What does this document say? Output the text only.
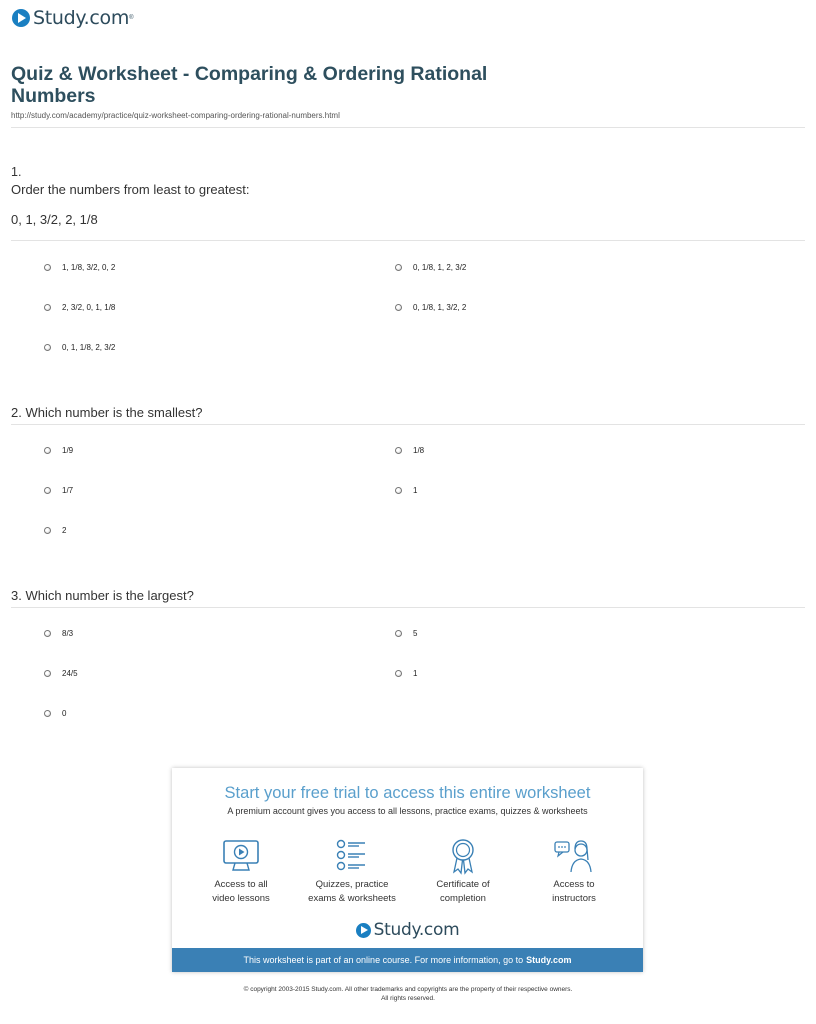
Study.com ®
Quiz & Worksheet - Comparing & Ordering Rational Numbers
http://study.com/academy/practice/quiz-worksheet-comparing-ordering-rational-numbers.html
1.
Order the numbers from least to greatest:
0, 1, 3/2, 2, 1/8
1, 1/8, 3/2, 0, 2	0, 1/8, 1, 2, 3/2
2, 3/2, 0, 1, 1/8	0, 1/8, 1, 3/2, 2
0, 1, 1/8, 2, 3/2
2. Which number is the smallest?
1/9	1/8
1/7	1
2
3. Which number is the largest?
8/3	5
24/5	1
0
Start your free trial to access this entire worksheet
A premium account gives you access to all lessons, practice exams, quizzes & worksheets
Access to all
video lessons
Quizzes, practice
exams & worksheets
Certificate of
completion
Access to
instructors
Study.com
This worksheet is part of an online course. For more information, go to Study.com
© copyright 2003-2015 Study.com. All other trademarks and copyrights are the property of their respective owners.
All rights reserved.
